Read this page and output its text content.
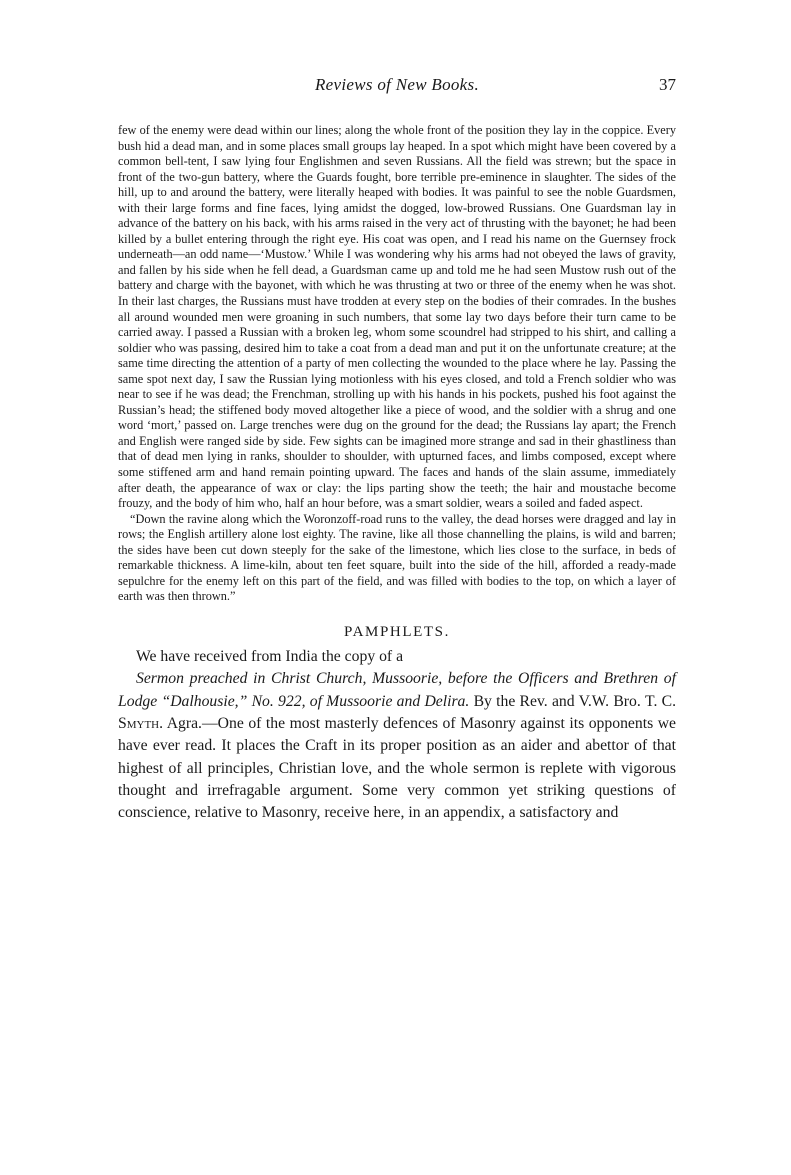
Reviews of New Books.	37

few of the enemy were dead within our lines; along the whole front of the position they lay in the coppice. Every bush hid a dead man, and in some places small groups lay heaped. In a spot which might have been covered by a common bell-tent, I saw lying four Englishmen and seven Russians. All the field was strewn; but the space in front of the two-gun battery, where the Guards fought, bore terrible pre-eminence in slaughter. The sides of the hill, up to and around the battery, were literally heaped with bodies. It was painful to see the noble Guardsmen, with their large forms and fine faces, lying amidst the dogged, low-browed Russians. One Guardsman lay in advance of the battery on his back, with his arms raised in the very act of thrusting with the bayonet; he had been killed by a bullet entering through the right eye. His coat was open, and I read his name on the Guernsey frock underneath—an odd name—‘Mustow.’ While I was wondering why his arms had not obeyed the laws of gravity, and fallen by his side when he fell dead, a Guardsman came up and told me he had seen Mustow rush out of the battery and charge with the bayonet, with which he was thrusting at two or three of the enemy when he was shot. In their last charges, the Russians must have trodden at every step on the bodies of their comrades. In the bushes all around wounded men were groaning in such numbers, that some lay two days before their turn came to be carried away. I passed a Russian with a broken leg, whom some scoundrel had stripped to his shirt, and calling a soldier who was passing, desired him to take a coat from a dead man and put it on the unfortunate creature; at the same time directing the attention of a party of men collecting the wounded to the place where he lay. Passing the same spot next day, I saw the Russian lying motionless with his eyes closed, and told a French soldier who was near to see if he was dead; the Frenchman, strolling up with his hands in his pockets, pushed his foot against the Russian’s head; the stiffened body moved altogether like a piece of wood, and the soldier with a shrug and one word ‘mort,’ passed on. Large trenches were dug on the ground for the dead; the Russians lay apart; the French and English were ranged side by side. Few sights can be imagined more strange and sad in their ghastliness than that of dead men lying in ranks, shoulder to shoulder, with upturned faces, and limbs composed, except where some stiffened arm and hand remain pointing upward. The faces and hands of the slain assume, immediately after death, the appearance of wax or clay: the lips parting show the teeth; the hair and moustache become frouzy, and the body of him who, half an hour before, was a smart soldier, wears a soiled and faded aspect.

“Down the ravine along which the Woronzoff-road runs to the valley, the dead horses were dragged and lay in rows; the English artillery alone lost eighty. The ravine, like all those channelling the plains, is wild and barren; the sides have been cut down steeply for the sake of the limestone, which lies close to the surface, in beds of remarkable thickness. A lime-kiln, about ten feet square, built into the side of the hill, afforded a ready-made sepulchre for the enemy left on this part of the field, and was filled with bodies to the top, on which a layer of earth was then thrown.”

PAMPHLETS.

We have received from India the copy of a

Sermon preached in Christ Church, Mussoorie, before the Officers and Brethren of Lodge “Dalhousie,” No. 922, of Mussoorie and Delira. By the Rev. and V.W. Bro. T. C. Smyth. Agra.—One of the most masterly defences of Masonry against its opponents we have ever read. It places the Craft in its proper position as an aider and abettor of that highest of all principles, Christian love, and the whole sermon is replete with vigorous thought and irrefragable argument. Some very common yet striking questions of conscience, relative to Masonry, receive here, in an appendix, a satisfactory and
